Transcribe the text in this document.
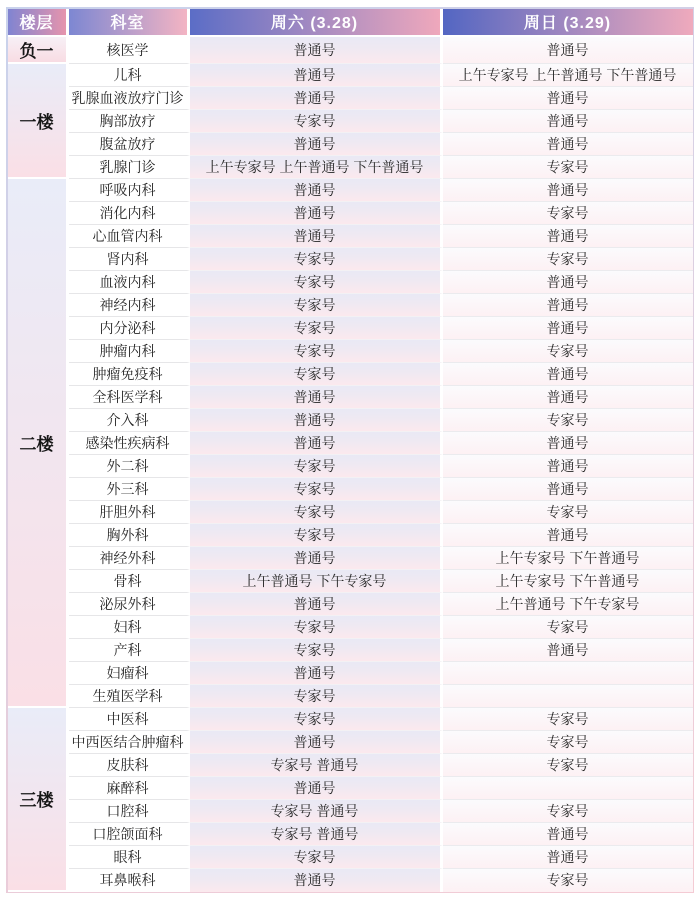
楼层	科室	周六 (3.28)	周日 (3.29)
负一	核医学	普通号	普通号
一楼	儿科	普通号	上午专家号 上午普通号 下午普通号
	乳腺血液放疗门诊	普通号	普通号
	胸部放疗	专家号	普通号
	腹盆放疗	普通号	普通号
	乳腺门诊	上午专家号 上午普通号 下午普通号	专家号
二楼	呼吸内科	普通号	普通号
	消化内科	普通号	专家号
	心血管内科	普通号	普通号
	肾内科	专家号	专家号
	血液内科	专家号	普通号
	神经内科	专家号	普通号
	内分泌科	专家号	普通号
	肿瘤内科	专家号	专家号
	肿瘤免疫科	专家号	普通号
	全科医学科	普通号	普通号
	介入科	普通号	专家号
	感染性疾病科	普通号	普通号
	外二科	专家号	普通号
	外三科	专家号	普通号
	肝胆外科	专家号	专家号
	胸外科	专家号	普通号
	神经外科	普通号	上午专家号 下午普通号
	骨科	上午普通号 下午专家号	上午专家号 下午普通号
	泌尿外科	普通号	上午普通号 下午专家号
	妇科	专家号	专家号
	产科	专家号	普通号
	妇瘤科	普通号	
	生殖医学科	专家号	
三楼	中医科	专家号	专家号
	中西医结合肿瘤科	普通号	专家号
	皮肤科	专家号 普通号	专家号
	麻醉科	普通号	
	口腔科	专家号 普通号	专家号
	口腔颌面科	专家号 普通号	普通号
	眼科	专家号	普通号
	耳鼻喉科	普通号	专家号
